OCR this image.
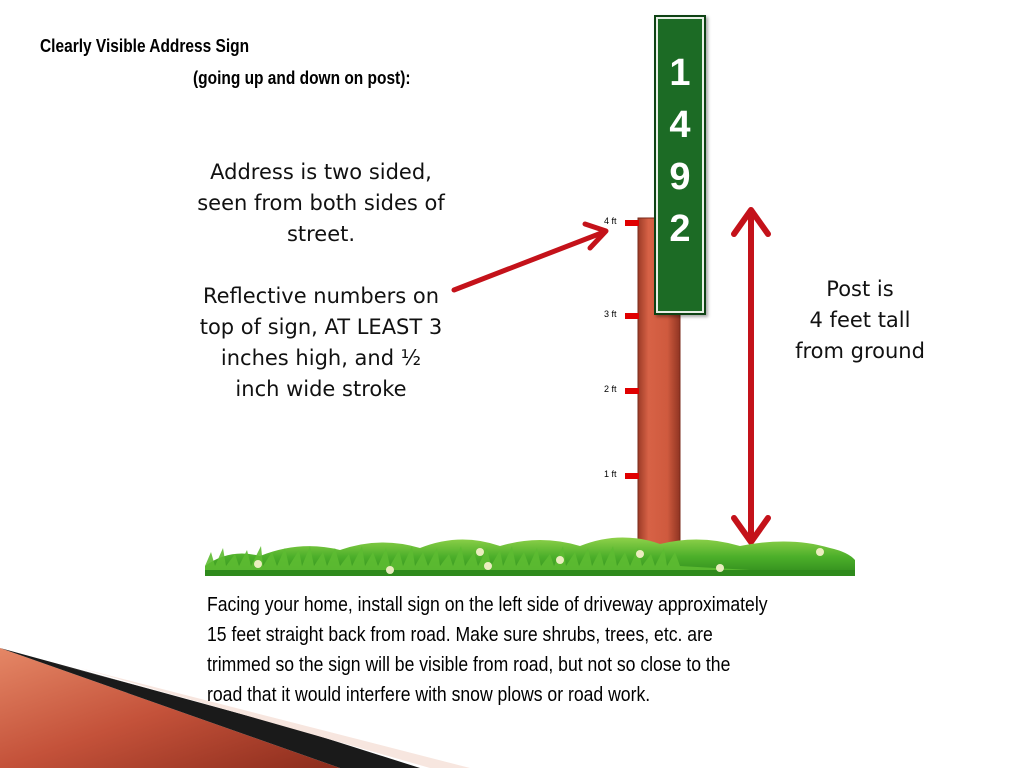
4 ft
3 ft
2 ft
1 ft
1
4
9
2
Clearly Visible Address Sign
(going up and down on post):

Address is two sided, seen from both sides of street.

Reflective numbers on top of sign, AT LEAST 3 inches high, and ½ inch wide stroke

Post is
4 feet tall
from ground
Facing your home, install sign on the left side of driveway approximately
15 feet straight back from road. Make sure shrubs, trees, etc. are
trimmed so the sign will be visible from road, but not so close to the
road that it would interfere with snow plows or road work.
